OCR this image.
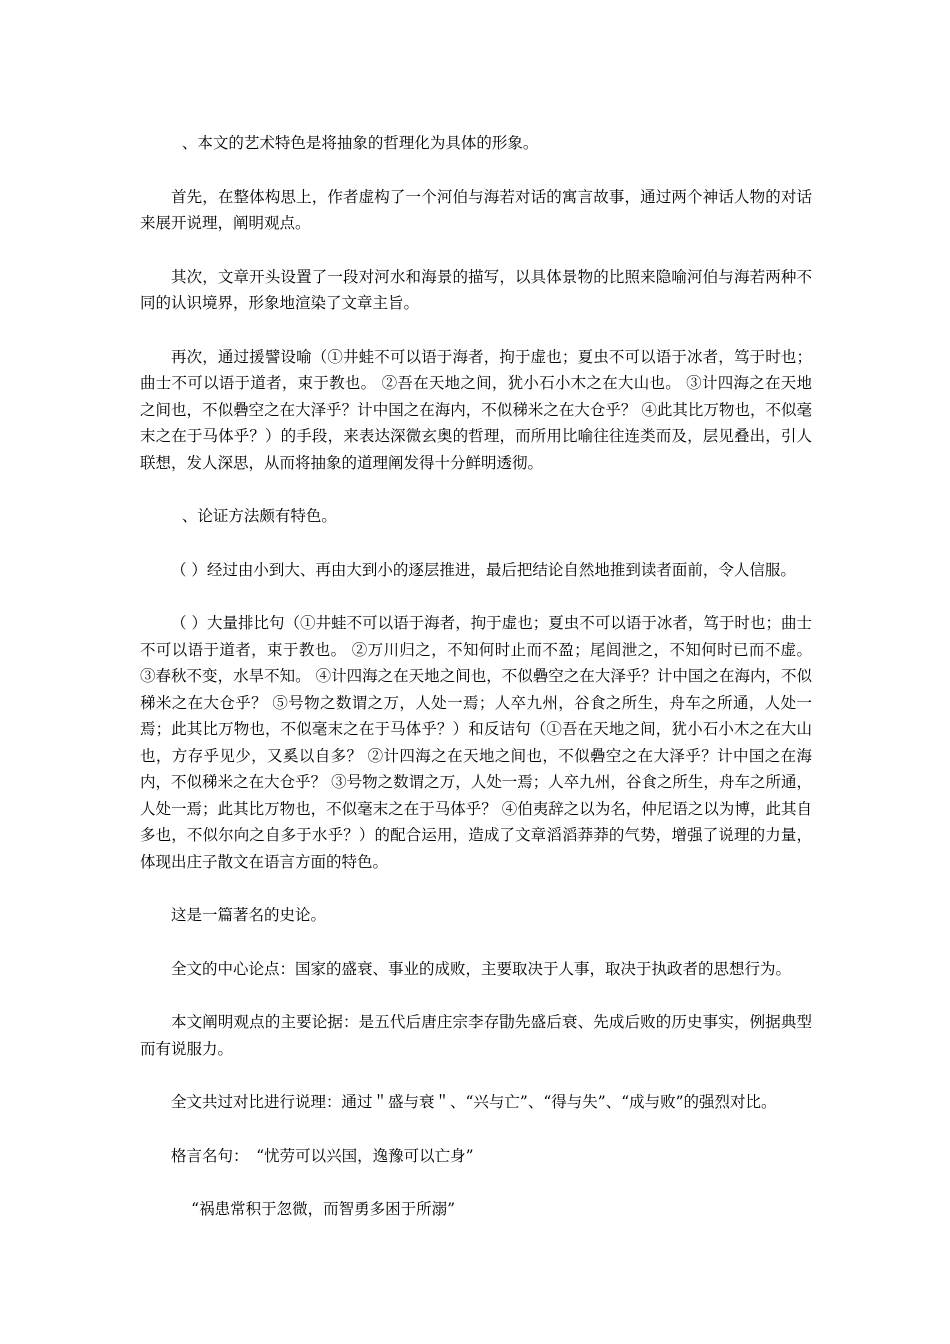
、本文的艺术特色是将抽象的哲理化为具体的形象。

首先，在整体构思上，作者虚构了一个河伯与海若对话的寓言故事，通过两个神话人物的对话来展开说理，阐明观点。

其次，文章开头设置了一段对河水和海景的描写，以具体景物的比照来隐喻河伯与海若两种不同的认识境界，形象地渲染了文章主旨。

再次，通过援譬设喻（①井蛙不可以语于海者，拘于虚也；夏虫不可以语于冰者，笃于时也；曲士不可以语于道者，束于教也。 ②吾在天地之间，犹小石小木之在大山也。 ③计四海之在天地之间也，不似礨空之在大泽乎？计中国之在海内，不似稊米之在大仓乎？ ④此其比万物也，不似毫末之在于马体乎？）的手段，来表达深微玄奥的哲理，而所用比喻往往连类而及，层见叠出，引人联想，发人深思，从而将抽象的道理阐发得十分鲜明透彻。

、论证方法颇有特色。

（ ）经过由小到大、再由大到小的逐层推进，最后把结论自然地推到读者面前，令人信服。

（ ）大量排比句（①井蛙不可以语于海者，拘于虚也；夏虫不可以语于冰者，笃于时也；曲士不可以语于道者，束于教也。 ②万川归之，不知何时止而不盈；尾闾泄之，不知何时已而不虚。 ③春秋不变，水旱不知。 ④计四海之在天地之间也，不似礨空之在大泽乎？计中国之在海内，不似稊米之在大仓乎？ ⑤号物之数谓之万，人处一焉；人卒九州，谷食之所生，舟车之所通，人处一焉；此其比万物也，不似毫末之在于马体乎？）和反诘句（①吾在天地之间，犹小石小木之在大山也，方存乎见少，又奚以自多？ ②计四海之在天地之间也，不似礨空之在大泽乎？计中国之在海内，不似稊米之在大仓乎？ ③号物之数谓之万，人处一焉；人卒九州，谷食之所生，舟车之所通，人处一焉；此其比万物也，不似毫末之在于马体乎？ ④伯夷辞之以为名，仲尼语之以为博，此其自多也，不似尔向之自多于水乎？）的配合运用，造成了文章滔滔莽莽的气势，增强了说理的力量，体现出庄子散文在语言方面的特色。

这是一篇著名的史论。

全文的中心论点：国家的盛衰、事业的成败，主要取决于人事，取决于执政者的思想行为。

本文阐明观点的主要论据：是五代后唐庄宗李存勖先盛后衰、先成后败的历史事实，例据典型而有说服力。

全文共过对比进行说理：通过＂盛与衰＂、“兴与亡”、“得与失”、“成与败”的强烈对比。

格言名句：　“忧劳可以兴国，逸豫可以亡身”

“祸患常积于忽微，而智勇多困于所溺”
